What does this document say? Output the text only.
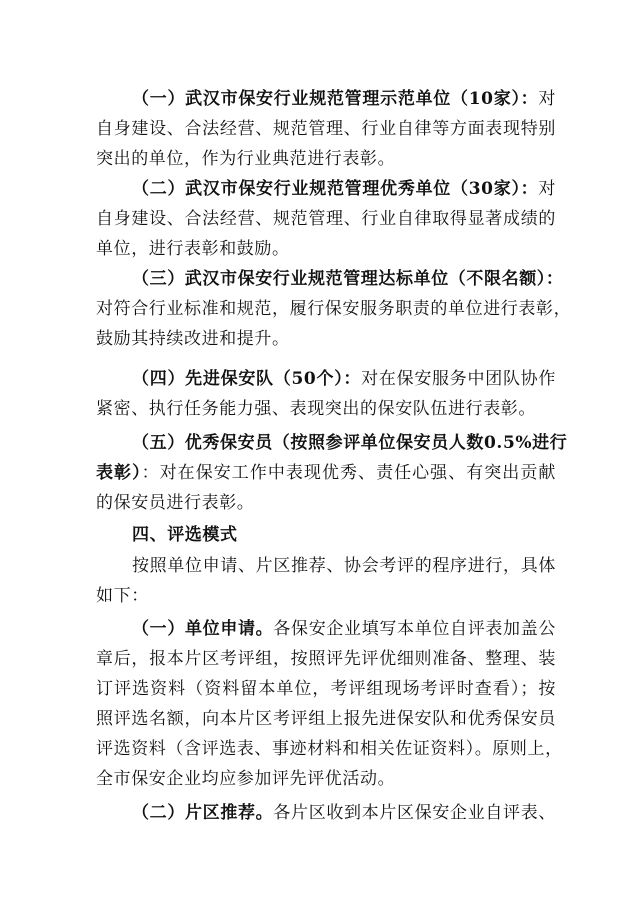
（一）武汉市保安行业规范管理示范单位（10家）：对
自身建设、合法经营、规范管理、行业自律等方面表现特别
突出的单位，作为行业典范进行表彰。
（二）武汉市保安行业规范管理优秀单位（30家）：对
自身建设、合法经营、规范管理、行业自律取得显著成绩的
单位，进行表彰和鼓励。
（三）武汉市保安行业规范管理达标单位（不限名额）：
对符合行业标准和规范，履行保安服务职责的单位进行表彰，
鼓励其持续改进和提升。
（四）先进保安队（50个）：对在保安服务中团队协作
紧密、执行任务能力强、表现突出的保安队伍进行表彰。
（五）优秀保安员（按照参评单位保安员人数0.5%进行
表彰）：对在保安工作中表现优秀、责任心强、有突出贡献
的保安员进行表彰。
四、评选模式
按照单位申请、片区推荐、协会考评的程序进行，具体
如下：
（一）单位申请。各保安企业填写本单位自评表加盖公
章后，报本片区考评组，按照评先评优细则准备、整理、装
订评选资料（资料留本单位，考评组现场考评时查看）；按
照评选名额，向本片区考评组上报先进保安队和优秀保安员
评选资料（含评选表、事迹材料和相关佐证资料）。原则上，
全市保安企业均应参加评先评优活动。
（二）片区推荐。各片区收到本片区保安企业自评表、
